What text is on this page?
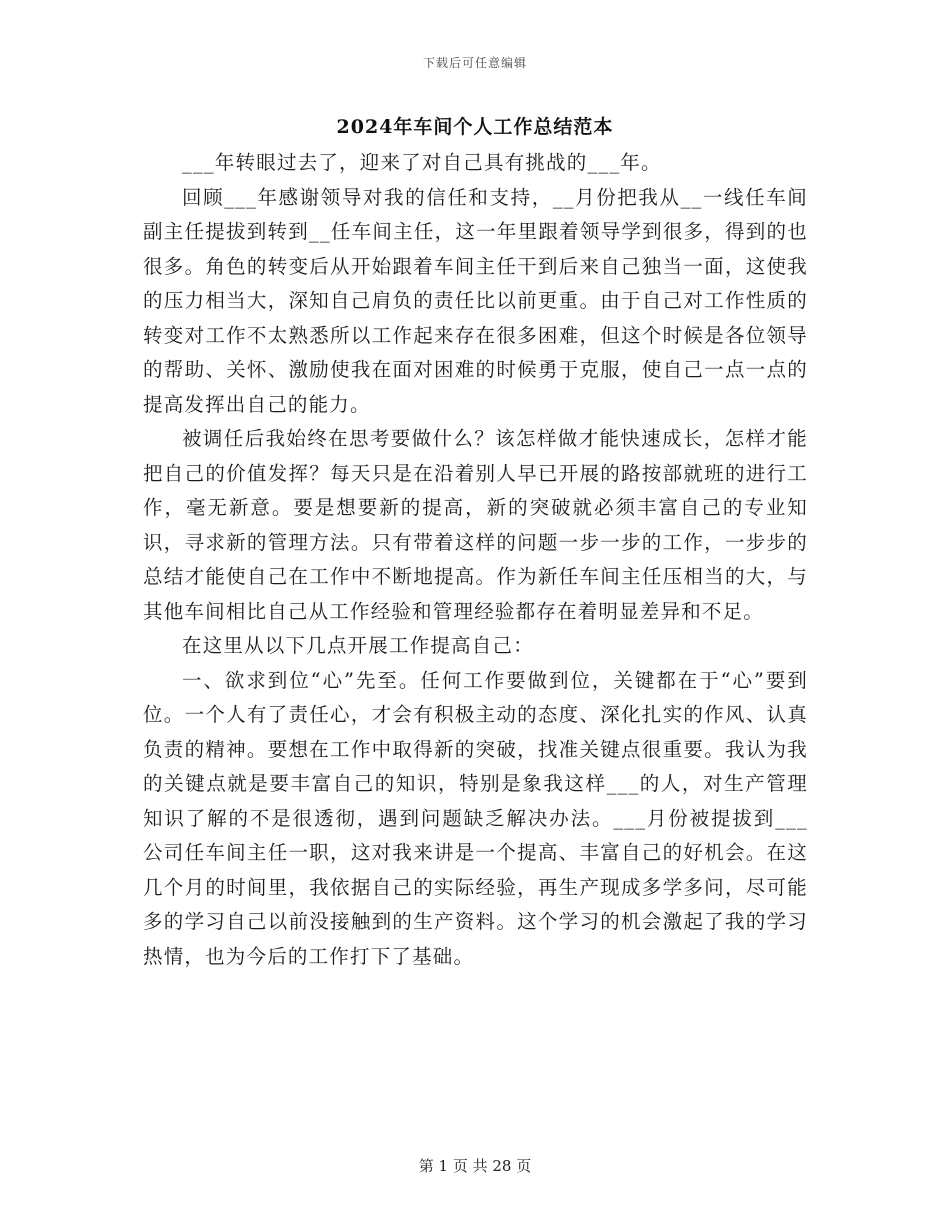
下载后可任意编辑
2024年车间个人工作总结范本

___年转眼过去了，迎来了对自己具有挑战的___年。

回顾___年感谢领导对我的信任和支持，__月份把我从__一线任车间副主任提拔到转到__任车间主任，这一年里跟着领导学到很多，得到的也很多。角色的转变后从开始跟着车间主任干到后来自己独当一面，这使我的压力相当大，深知自己肩负的责任比以前更重。由于自己对工作性质的转变对工作不太熟悉所以工作起来存在很多困难，但这个时候是各位领导的帮助、关怀、激励使我在面对困难的时候勇于克服，使自己一点一点的提高发挥出自己的能力。

被调任后我始终在思考要做什么？该怎样做才能快速成长，怎样才能把自己的价值发挥？每天只是在沿着别人早已开展的路按部就班的进行工作，毫无新意。要是想要新的提高，新的突破就必须丰富自己的专业知识，寻求新的管理方法。只有带着这样的问题一步一步的工作，一步步的总结才能使自己在工作中不断地提高。作为新任车间主任压相当的大，与其他车间相比自己从工作经验和管理经验都存在着明显差异和不足。

在这里从以下几点开展工作提高自己：

一、欲求到位“心”先至。任何工作要做到位，关键都在于“心”要到位。一个人有了责任心，才会有积极主动的态度、深化扎实的作风、认真负责的精神。要想在工作中取得新的突破，找准关键点很重要。我认为我的关键点就是要丰富自己的知识，特别是象我这样___的人，对生产管理知识了解的不是很透彻，遇到问题缺乏解决办法。___月份被提拔到___公司任车间主任一职，这对我来讲是一个提高、丰富自己的好机会。在这几个月的时间里，我依据自己的实际经验，再生产现成多学多问，尽可能多的学习自己以前没接触到的生产资料。这个学习的机会激起了我的学习热情，也为今后的工作打下了基础。

第 1 页 共 28 页
